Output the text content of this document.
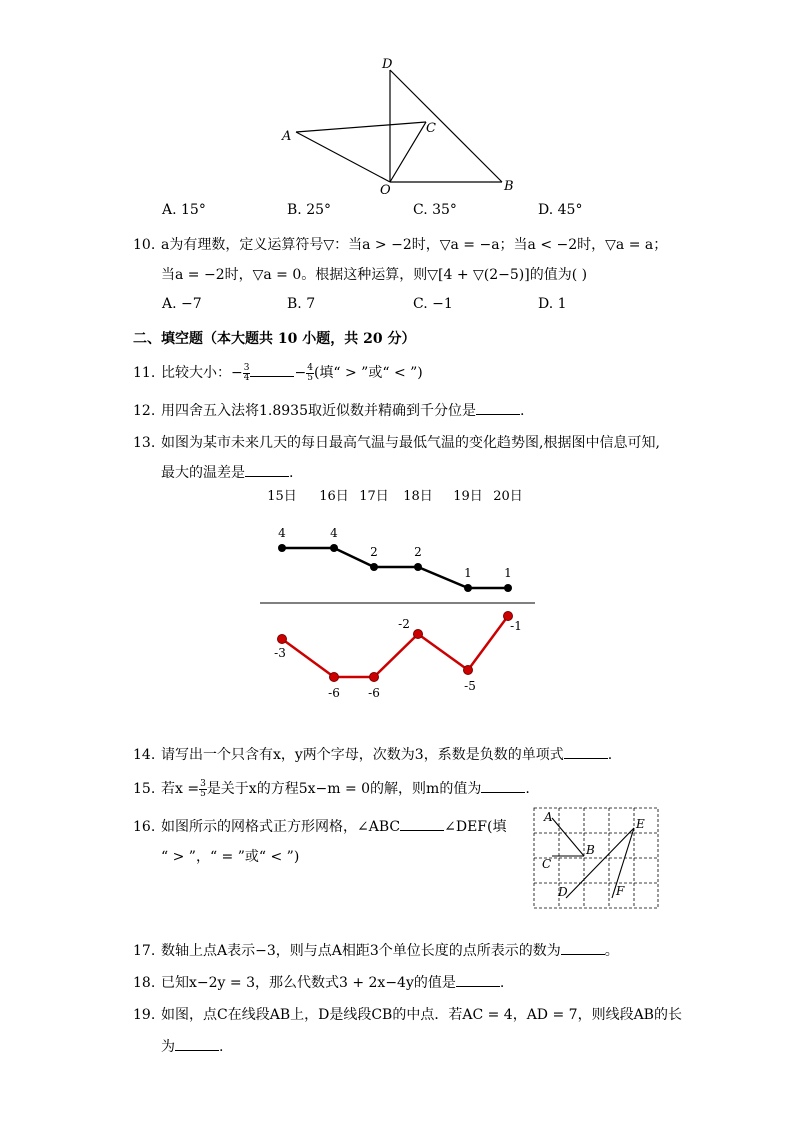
D
A
C
O	B
A. 15°	B. 25°	C. 35°	D. 45°
10. a为有理数，定义运算符号▽：当a > −2时，▽a = −a；当a < −2时，▽a = a；
当a = −2时，▽a = 0。根据这种运算，则▽[4 + ▽(2−5)]的值为( )
A. −7	B. 7	C. −1	D. 1
二、填空题（本大题共 10 小题，共 20 分）
11. 比较大小：− $\frac{3}{4}$	− $\frac{4}{5}$ (填“ > ”或“ < ”)
12. 用四舍五入法将1.8935取近似数并精确到千分位是	.
13. 如图为某市未来几天的每日最高气温与最低气温的变化趋势图,根据图中信息可知,
最大的温差是	.
15日 16日 17日 18日 19日 20日
4	4
2	2
1	1
-3
-6 -6
-2
-5
-1
14. 请写出一个只含有x，y两个字母，次数为3，系数是负数的单项式	.
15. 若$x = \frac{3}{5}$ 是关于x的方程5x−m = 0的解，则m的值为	.
16. 如图所示的网格式正方形网格，∠ABC	∠DEF(填
“ > ”，“ = ”或“ < ”)
A
B
C
D
E
F
17. 数轴上点A表示−3，则与点A相距3个单位长度的点所表示的数为	。
18. 已知x−2y = 3，那么代数式3 + 2x−4y的值是	.
19. 如图，点C在线段AB上，D是线段CB的中点．若AC = 4，AD = 7，则线段AB的长
为	.
